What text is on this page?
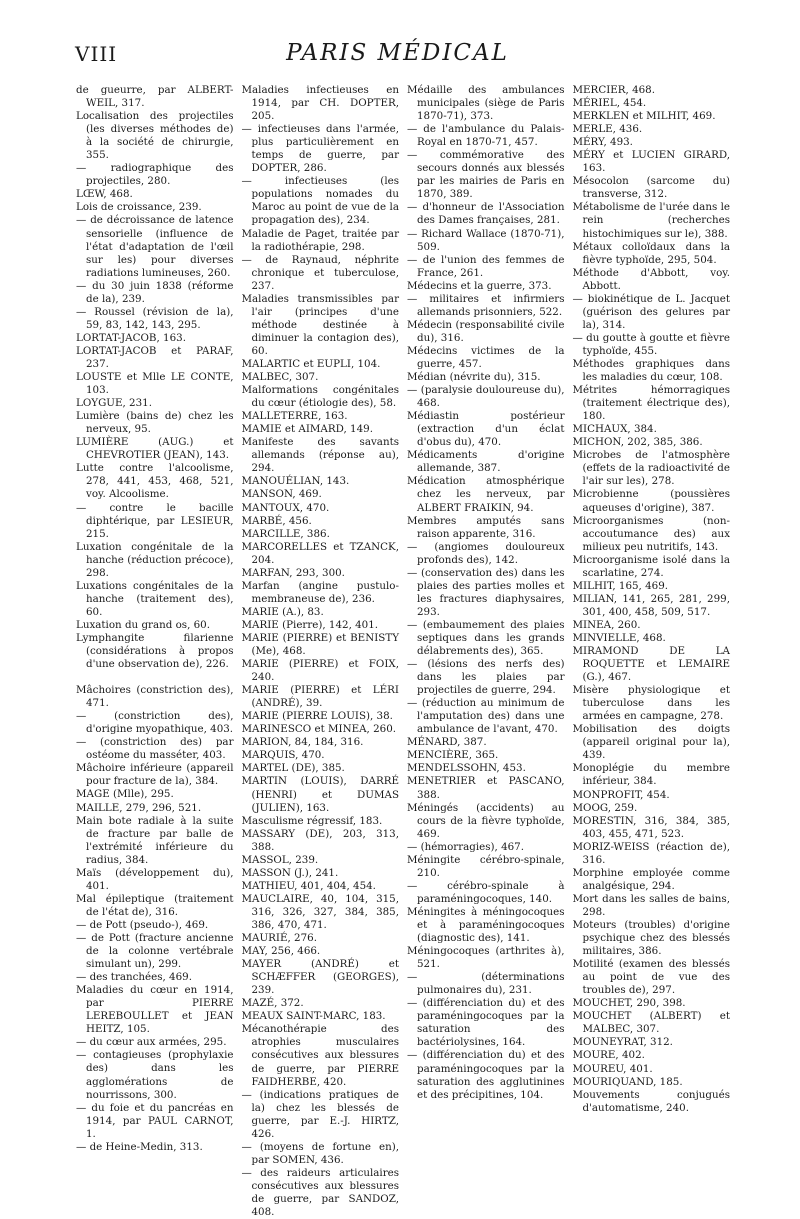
VIII	PARIS MÉDICAL
de gueurre, par ALBERT-WEIL, 317.
Localisation des projectiles (les diverses méthodes de) à la société de chirurgie, 355.
— radiographique des projectiles, 280.
LŒW, 468.
Lois de croissance, 239.
— de décroissance de latence sensorielle (influence de l'état d'adaptation de l'œil sur les) pour diverses radiations lumineuses, 260.
— du 30 juin 1838 (réforme de la), 239.
— Roussel (révision de la), 59, 83, 142, 143, 295.
LORTAT-JACOB, 163.
LORTAT-JACOB et PARAF, 237.
LOUSTE et Mlle LE CONTE, 103.
LOYGUE, 231.
Lumière (bains de) chez les nerveux, 95.
LUMIÈRE (AUG.) et CHEVROTIER (JEAN), 143.
Lutte contre l'alcoolisme, 278, 441, 453, 468, 521, voy. Alcoolisme.
— contre le bacille diphtérique, par LESIEUR, 215.
Luxation congénitale de la hanche (réduction précoce), 298.
Luxations congénitales de la hanche (traitement des), 60.
Luxation du grand os, 60.
Lymphangite filarienne (considérations à propos d'une observation de), 226.
Mâchoires (constriction des), 471.
— (constriction des), d'origine myopathique, 403.
— (constriction des) par ostéome du masséter, 403.
Mâchoire inférieure (appareil pour fracture de la), 384.
MAGE (Mlle), 295.
MAILLE, 279, 296, 521.
Main bote radiale à la suite de fracture par balle de l'extrémité inférieure du radius, 384.
Maïs (développement du), 401.
Mal épileptique (traitement de l'état de), 316.
— de Pott (pseudo-), 469.
— de Pott (fracture ancienne de la colonne vertébrale simulant un), 299.
— des tranchées, 469.
Maladies du cœur en 1914, par PIERRE LEREBOULLET et JEAN HEITZ, 105.
— du cœur aux armées, 295.
— contagieuses (prophylaxie des) dans les agglomérations de nourrissons, 300.
— du foie et du pancréas en 1914, par PAUL CARNOT, 1.
— de Heine-Medin, 313.
Maladies infectieuses en 1914, par CH. DOPTER, 205.
— infectieuses dans l'armée, plus particulièrement en temps de guerre, par DOPTER, 286.
— infectieuses (les populations nomades du Maroc au point de vue de la propagation des), 234.
Maladie de Paget, traitée par la radiothérapie, 298.
— de Raynaud, néphrite chronique et tuberculose, 237.
Maladies transmissibles par l'air (principes d'une méthode destinée à diminuer la contagion des), 60.
MALARTIC et EUPLI, 104.
MALBEC, 307.
Malformations congénitales du cœur (étiologie des), 58.
MALLETERRE, 163.
MAMIE et AIMARD, 149.
Manifeste des savants allemands (réponse au), 294.
MANOUÉLIAN, 143.
MANSON, 469.
MANTOUX, 470.
MARBÉ, 456.
MARCILLE, 386.
MARCORELLES et TZANCK, 204.
MARFAN, 293, 300.
Marfan (angine pustulo-membraneuse de), 236.
MARIE (A.), 83.
MARIE (Pierre), 142, 401.
MARIE (PIERRE) et BENISTY (Me), 468.
MARIE (PIERRE) et FOIX, 240.
MARIE (PIERRE) et LÉRI (ANDRÉ), 39.
MARIE (PIERRE LOUIS), 38.
MARINESCO et MINEA, 260.
MARION, 84, 184, 316.
MARQUIS, 470.
MARTEL (DE), 385.
MARTIN (LOUIS), DARRÉ (HENRI) et DUMAS (JULIEN), 163.
Masculisme régressif, 183.
MASSARY (DE), 203, 313, 388.
MASSOL, 239.
MASSON (J.), 241.
MATHIEU, 401, 404, 454.
MAUCLAIRE, 40, 104, 315, 316, 326, 327, 384, 385, 386, 470, 471.
MAURIÉ, 276.
MAY, 256, 466.
MAYER (ANDRÉ) et SCHÆFFER (GEORGES), 239.
MAZÉ, 372.
MEAUX SAINT-MARC, 183.
Mécanothérapie des atrophies musculaires consécutives aux blessures de guerre, par PIERRE FAIDHERBE, 420.
— (indications pratiques de la) chez les blessés de guerre, par E.-J. HIRTZ, 426.
— (moyens de fortune en), par SOMEN, 436.
— des raideurs articulaires consécutives aux blessures de guerre, par SANDOZ, 408.
Médaille des ambulances municipales (siège de Paris 1870-71), 373.
— de l'ambulance du Palais-Royal en 1870-71, 457.
— commémorative des secours donnés aux blessés par les mairies de Paris en 1870, 389.
— d'honneur de l'Association des Dames françaises, 281.
— Richard Wallace (1870-71), 509.
— de l'union des femmes de France, 261.
Médecins et la guerre, 373.
— militaires et infirmiers allemands prisonniers, 522.
Médecin (responsabilité civile du), 316.
Médecins victimes de la guerre, 457.
Médian (névrite du), 315.
— (paralysie douloureuse du), 468.
Médiastin postérieur (extraction d'un éclat d'obus du), 470.
Médicaments d'origine allemande, 387.
Médication atmosphérique chez les nerveux, par ALBERT FRAIKIN, 94.
Membres amputés sans raison apparente, 316.
— (angiomes douloureux profonds des), 142.
— (conservation des) dans les plaies des parties molles et les fractures diaphysaires, 293.
— (embaumement des plaies septiques dans les grands délabrements des), 365.
— (lésions des nerfs des) dans les plaies par projectiles de guerre, 294.
— (réduction au minimum de l'amputation des) dans une ambulance de l'avant, 470.
MÉNARD, 387.
MENCIÈRE, 365.
MENDELSSOHN, 453.
MENETRIER et PASCANO, 388.
Méningés (accidents) au cours de la fièvre typhoïde, 469.
— (hémorragies), 467.
Méningite cérébro-spinale, 210.
— cérébro-spinale à paraméningocoques, 140.
Méningites à méningocoques et à paraméningocoques (diagnostic des), 141.
Méningocoques (arthrites à), 521.
— (déterminations pulmonaires du), 231.
— (différenciation du) et des paraméningocoques par la saturation des bactériolysines, 164.
— (différenciation du) et des paraméningocoques par la saturation des agglutinines et des précipitines, 104.
MERCIER, 468.
MÉRIEL, 454.
MERKLEN et MILHIT, 469.
MERLE, 436.
MÉRY, 493.
MÉRY et LUCIEN GIRARD, 163.
Mésocolon (sarcome du) transverse, 312.
Métabolisme de l'urée dans le rein (recherches histochimiques sur le), 388.
Métaux colloïdaux dans la fièvre typhoïde, 295, 504.
Méthode d'Abbott, voy. Abbott.
— biokinétique de L. Jacquet (guérison des gelures par la), 314.
— du goutte à goutte et fièvre typhoïde, 455.
Méthodes graphiques dans les maladies du cœur, 108.
Métrites hémorragiques (traitement électrique des), 180.
MICHAUX, 384.
MICHON, 202, 385, 386.
Microbes de l'atmosphère (effets de la radioactivité de l'air sur les), 278.
Microbienne (poussières aqueuses d'origine), 387.
Microorganismes (non-accoutumance des) aux milieux peu nutritifs, 143.
Microorganisme isolé dans la scarlatine, 274.
MILHIT, 165, 469.
MILIAN, 141, 265, 281, 299, 301, 400, 458, 509, 517.
MINEA, 260.
MINVIELLE, 468.
MIRAMOND DE LA ROQUETTE et LEMAIRE (G.), 467.
Misère physiologique et tuberculose dans les armées en campagne, 278.
Mobilisation des doigts (appareil original pour la), 439.
Monoplégie du membre inférieur, 384.
MONPROFIT, 454.
MOOG, 259.
MORESTIN, 316, 384, 385, 403, 455, 471, 523.
MORIZ-WEISS (réaction de), 316.
Morphine employée comme analgésique, 294.
Mort dans les salles de bains, 298.
Moteurs (troubles) d'origine psychique chez des blessés militaires, 386.
Motilité (examen des blessés au point de vue des troubles de), 297.
MOUCHET, 290, 398.
MOUCHET (ALBERT) et MALBEC, 307.
MOUNEYRAT, 312.
MOURE, 402.
MOUREU, 401.
MOURIQUAND, 185.
Mouvements conjugués d'automatisme, 240.
